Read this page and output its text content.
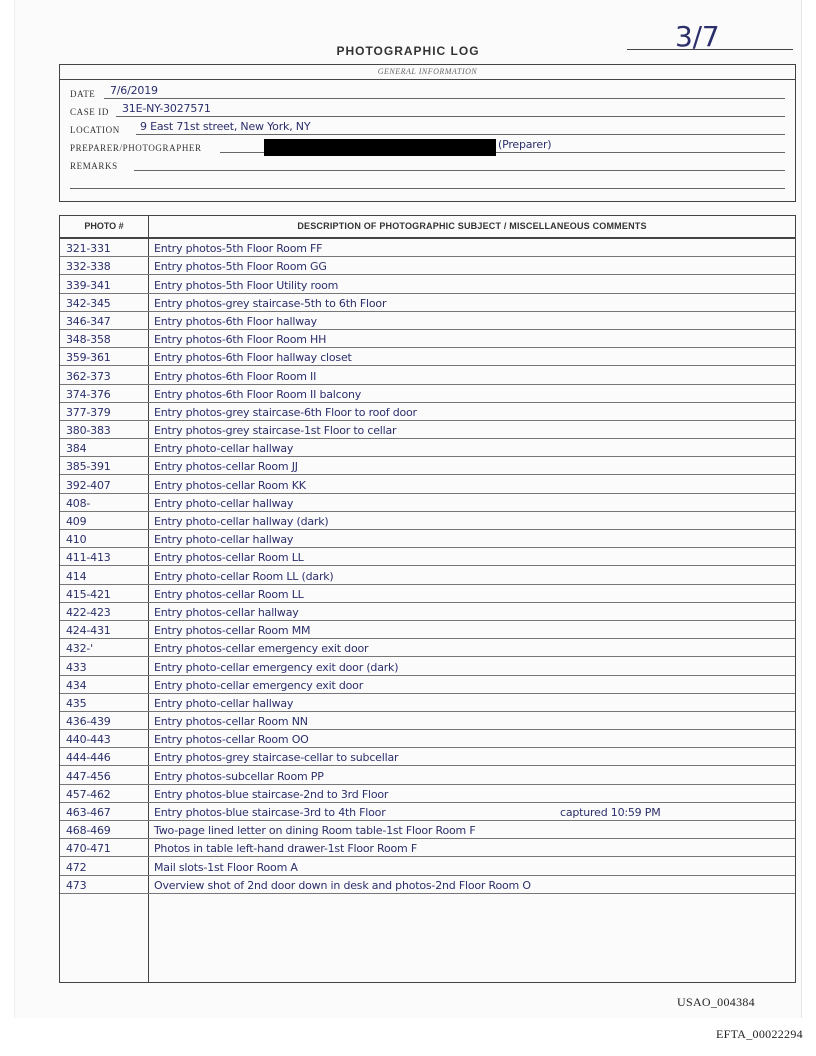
3/7
PHOTOGRAPHIC LOG
GENERAL INFORMATION
DATE 7/6/2019
CASE ID 31E-NY-3027571
LOCATION 9 East 71st street, New York, NY
PREPARER/PHOTOGRAPHER	(Preparer)
REMARKS
PHOTO #	DESCRIPTION OF PHOTOGRAPHIC SUBJECT / MISCELLANEOUS COMMENTS
321-331	Entry photos-5th Floor Room FF
332-338	Entry photos-5th Floor Room GG
339-341	Entry photos-5th Floor Utility room
342-345	Entry photos-grey staircase-5th to 6th Floor
346-347	Entry photos-6th Floor hallway
348-358	Entry photos-6th Floor Room HH
359-361	Entry photos-6th Floor hallway closet
362-373	Entry photos-6th Floor Room II
374-376	Entry photos-6th Floor Room II balcony
377-379	Entry photos-grey staircase-6th Floor to roof door
380-383	Entry photos-grey staircase-1st Floor to cellar
384	Entry photo-cellar hallway
385-391	Entry photos-cellar Room JJ
392-407	Entry photos-cellar Room KK
408-	Entry photo-cellar hallway
409	Entry photo-cellar hallway (dark)
410	Entry photo-cellar hallway
411-413	Entry photos-cellar Room LL
414	Entry photo-cellar Room LL (dark)
415-421	Entry photos-cellar Room LL
422-423	Entry photos-cellar hallway
424-431	Entry photos-cellar Room MM
432-'	Entry photos-cellar emergency exit door
433	Entry photo-cellar emergency exit door (dark)
434	Entry photo-cellar emergency exit door
435	Entry photo-cellar hallway
436-439	Entry photos-cellar Room NN
440-443	Entry photos-cellar Room OO
444-446	Entry photos-grey staircase-cellar to subcellar
447-456	Entry photos-subcellar Room PP
457-462	Entry photos-blue staircase-2nd to 3rd Floor
463-467	Entry photos-blue staircase-3rd to 4th Floor	captured 10:59 PM
468-469	Two-page lined letter on dining Room table-1st Floor Room F
470-471	Photos in table left-hand drawer-1st Floor Room F
472	Mail slots-1st Floor Room A
473	Overview shot of 2nd door down in desk and photos-2nd Floor Room O
USAO_004384
EFTA_00022294
